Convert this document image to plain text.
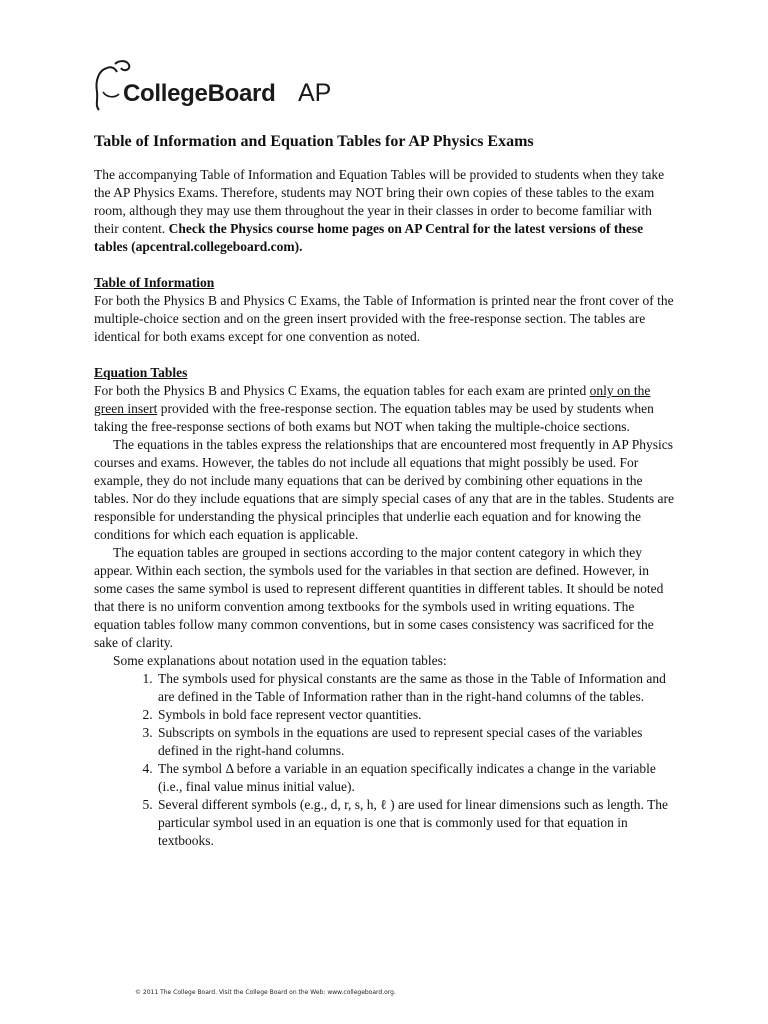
CollegeBoard AP
Table of Information and Equation Tables for AP Physics Exams

The accompanying Table of Information and Equation Tables will be provided to students when they take the AP Physics Exams. Therefore, students may NOT bring their own copies of these tables to the exam room, although they may use them throughout the year in their classes in order to become familiar with their content. Check the Physics course home pages on AP Central for the latest versions of these tables (apcentral.collegeboard.com).

Table of Information

For both the Physics B and Physics C Exams, the Table of Information is printed near the front cover of the multiple-choice section and on the green insert provided with the free-response section. The tables are identical for both exams except for one convention as noted.

Equation Tables

For both the Physics B and Physics C Exams, the equation tables for each exam are printed only on the green insert provided with the free-response section. The equation tables may be used by students when taking the free-response sections of both exams but NOT when taking the multiple-choice sections.

The equations in the tables express the relationships that are encountered most frequently in AP Physics courses and exams. However, the tables do not include all equations that might possibly be used. For example, they do not include many equations that can be derived by combining other equations in the tables. Nor do they include equations that are simply special cases of any that are in the tables. Students are responsible for understanding the physical principles that underlie each equation and for knowing the conditions for which each equation is applicable.

The equation tables are grouped in sections according to the major content category in which they appear. Within each section, the symbols used for the variables in that section are defined. However, in some cases the same symbol is used to represent different quantities in different tables. It should be noted that there is no uniform convention among textbooks for the symbols used in writing equations. The equation tables follow many common conventions, but in some cases consistency was sacrificed for the sake of clarity.

Some explanations about notation used in the equation tables:

1. The symbols used for physical constants are the same as those in the Table of Information and are defined in the Table of Information rather than in the right-hand columns of the tables.
2. Symbols in bold face represent vector quantities.
3. Subscripts on symbols in the equations are used to represent special cases of the variables defined in the right-hand columns.
4. The symbol Δ before a variable in an equation specifically indicates a change in the variable (i.e., final value minus initial value).
5. Several different symbols (e.g., d, r, s, h, ℓ ) are used for linear dimensions such as length. The particular symbol used in an equation is one that is commonly used for that equation in textbooks.
© 2011 The College Board. Visit the College Board on the Web: www.collegeboard.org.
